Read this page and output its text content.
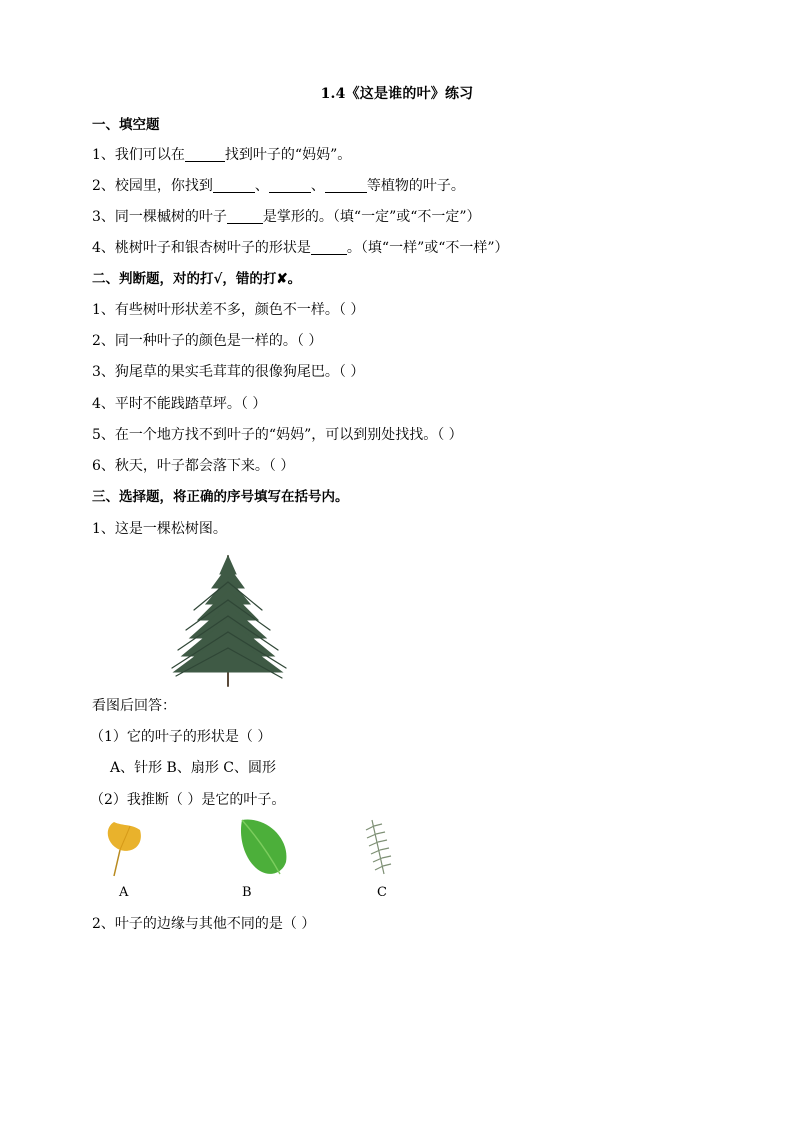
1.4《这是谁的叶》练习
一、填空题
1、我们可以在	找到叶子的“妈妈”。
2、校园里，你找到	、	、	等植物的叶子。
3、同一棵槭树的叶子	是掌形的。（填“一定”或“不一定”）
4、桃树叶子和银杏树叶子的形状是	。（填“一样”或“不一样”）
二、判断题，对的打√，错的打✘。
1、有些树叶形状差不多，颜色不一样。（ ）
2、同一种叶子的颜色是一样的。（ ）
3、狗尾草的果实毛茸茸的很像狗尾巴。（ ）
4、平时不能践踏草坪。（ ）
5、在一个地方找不到叶子的“妈妈”，可以到别处找找。（ ）
6、秋天，叶子都会落下来。（ ）
三、选择题，将正确的序号填写在括号内。
1、这是一棵松树图。
看图后回答：
（1）它的叶子的形状是（ ）
A、针形 B、扇形 C、圆形
（2）我推断（ ）是它的叶子。
A	B	C
2、叶子的边缘与其他不同的是（ ）
